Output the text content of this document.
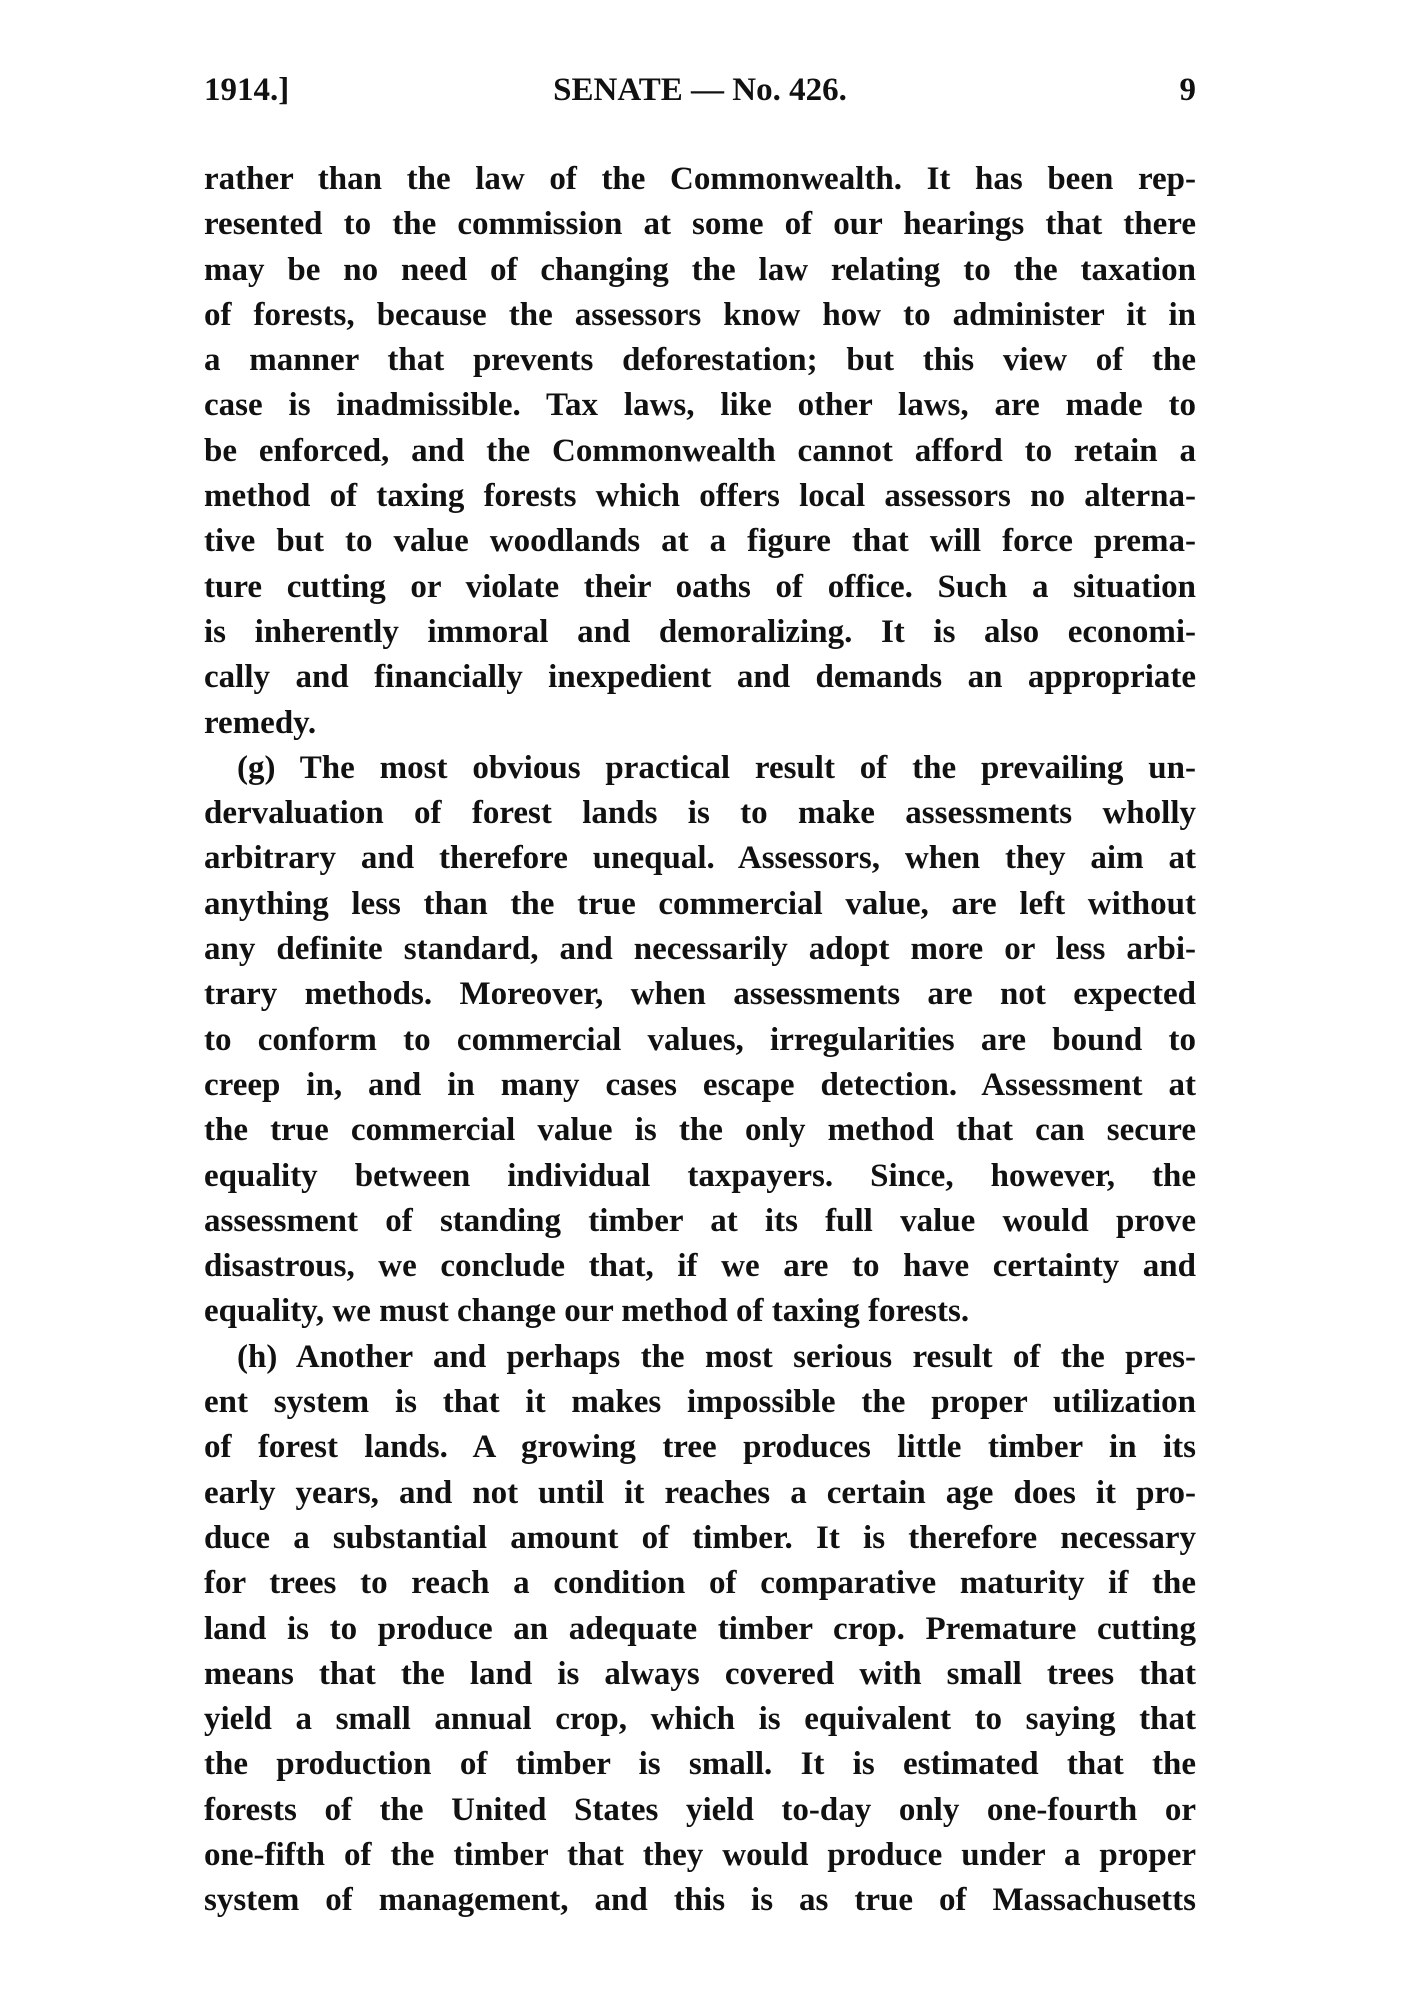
1914.]	SENATE — No. 426.	9
rather than the law of the Commonwealth. It has been rep-
resented to the commission at some of our hearings that there
may be no need of changing the law relating to the taxation
of forests, because the assessors know how to administer it in
a manner that prevents deforestation; but this view of the
case is inadmissible. Tax laws, like other laws, are made to
be enforced, and the Commonwealth cannot afford to retain a
method of taxing forests which offers local assessors no alterna-
tive but to value woodlands at a figure that will force prema-
ture cutting or violate their oaths of office. Such a situation
is inherently immoral and demoralizing. It is also economi-
cally and financially inexpedient and demands an appropriate
remedy.
 (g) The most obvious practical result of the prevailing un-
dervaluation of forest lands is to make assessments wholly
arbitrary and therefore unequal. Assessors, when they aim at
anything less than the true commercial value, are left without
any definite standard, and necessarily adopt more or less arbi-
trary methods. Moreover, when assessments are not expected
to conform to commercial values, irregularities are bound to
creep in, and in many cases escape detection. Assessment at
the true commercial value is the only method that can secure
equality between individual taxpayers. Since, however, the
assessment of standing timber at its full value would prove
disastrous, we conclude that, if we are to have certainty and
equality, we must change our method of taxing forests.
 (h) Another and perhaps the most serious result of the pres-
ent system is that it makes impossible the proper utilization
of forest lands. A growing tree produces little timber in its
early years, and not until it reaches a certain age does it pro-
duce a substantial amount of timber. It is therefore necessary
for trees to reach a condition of comparative maturity if the
land is to produce an adequate timber crop. Premature cutting
means that the land is always covered with small trees that
yield a small annual crop, which is equivalent to saying that
the production of timber is small. It is estimated that the
forests of the United States yield to-day only one-fourth or
one-fifth of the timber that they would produce under a proper
system of management, and this is as true of Massachusetts
